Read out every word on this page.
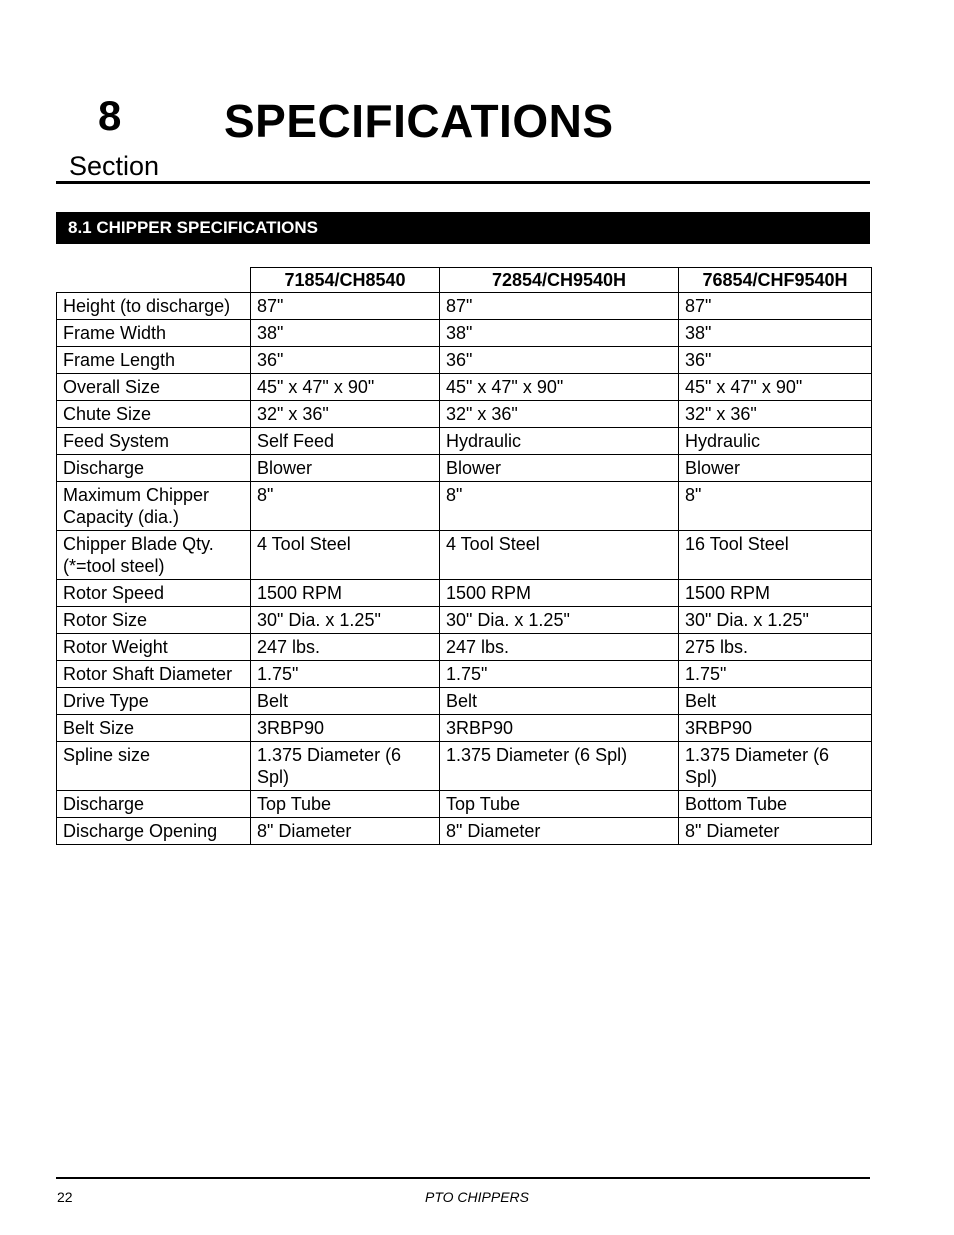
8 SPECIFICATIONS
Section
8.1 CHIPPER SPECIFICATIONS
	71854/CH8540	72854/CH9540H	76854/CHF9540H
Height (to discharge)	87"	87"	87"
Frame Width	38"	38"	38"
Frame Length	36"	36"	36"
Overall Size	45" x 47" x 90"	45" x 47" x 90"	45" x 47" x 90"
Chute Size	32" x 36"	32" x 36"	32" x 36"
Feed System	Self Feed	Hydraulic	Hydraulic
Discharge	Blower	Blower	Blower
Maximum Chipper Capacity (dia.)	8"	8"	8"
Chipper Blade Qty. (*=tool steel)	4 Tool Steel	4 Tool Steel	16 Tool Steel
Rotor Speed	1500 RPM	1500 RPM	1500 RPM
Rotor Size	30" Dia. x 1.25"	30" Dia. x 1.25"	30" Dia. x 1.25"
Rotor Weight	247 lbs.	247 lbs.	275 lbs.
Rotor Shaft Diameter	1.75"	1.75"	1.75"
Drive Type	Belt	Belt	Belt
Belt Size	3RBP90	3RBP90	3RBP90
Spline size	1.375 Diameter (6 Spl)	1.375 Diameter (6 Spl)	1.375 Diameter (6 Spl)
Discharge	Top Tube	Top Tube	Bottom Tube
Discharge Opening	8" Diameter	8" Diameter	8" Diameter
22	PTO CHIPPERS
